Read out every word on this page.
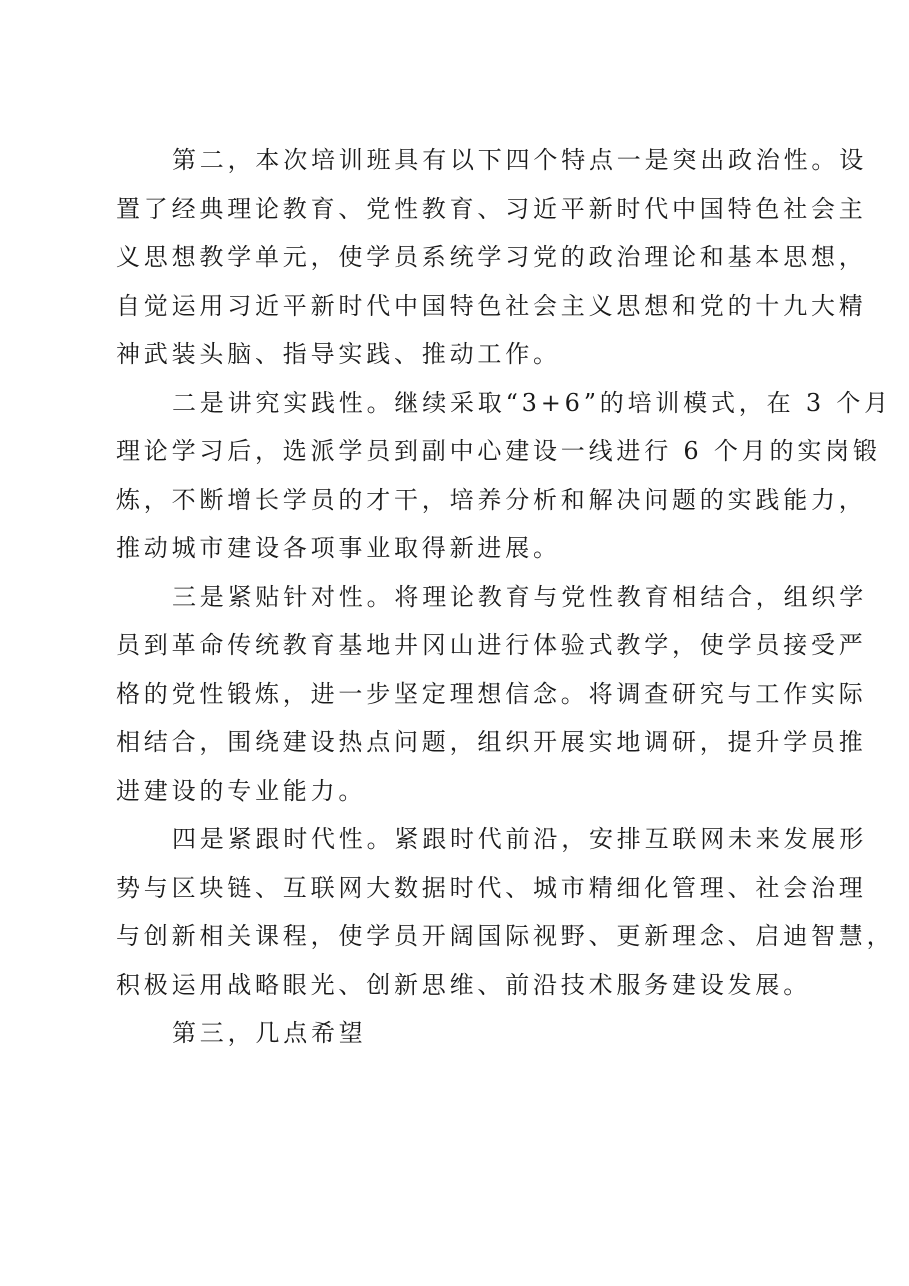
第二，本次培训班具有以下四个特点一是突出政治性。设
置了经典理论教育、党性教育、习近平新时代中国特色社会主
义思想教学单元，使学员系统学习党的政治理论和基本思想，
自觉运用习近平新时代中国特色社会主义思想和党的十九大精
神武装头脑、指导实践、推动工作。

二是讲究实践性。继续采取“3+6”的培训模式，在 3 个月
理论学习后，选派学员到副中心建设一线进行 6 个月的实岗锻
炼，不断增长学员的才干，培养分析和解决问题的实践能力，
推动城市建设各项事业取得新进展。

三是紧贴针对性。将理论教育与党性教育相结合，组织学
员到革命传统教育基地井冈山进行体验式教学，使学员接受严
格的党性锻炼，进一步坚定理想信念。将调查研究与工作实际
相结合，围绕建设热点问题，组织开展实地调研，提升学员推
进建设的专业能力。

四是紧跟时代性。紧跟时代前沿，安排互联网未来发展形
势与区块链、互联网大数据时代、城市精细化管理、社会治理
与创新相关课程，使学员开阔国际视野、更新理念、启迪智慧，
积极运用战略眼光、创新思维、前沿技术服务建设发展。

第三，几点希望
